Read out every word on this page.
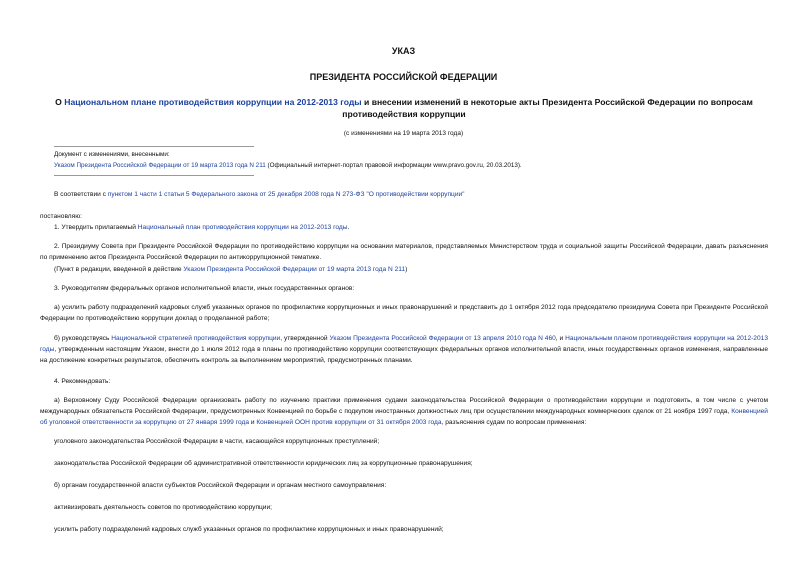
УКАЗ
ПРЕЗИДЕНТА РОССИЙСКОЙ ФЕДЕРАЦИИ
О Национальном плане противодействия коррупции на 2012-2013 годы и внесении изменений в некоторые акты Президента Российской Федерации по вопросам противодействия коррупции
(с изменениями на 19 марта 2013 года)
Документ с изменениями, внесенными:
Указом Президента Российской Федерации от 19 марта 2013 года N 211 (Официальный интернет-портал правовой информации www.pravo.gov.ru, 20.03.2013).
В соответствии с пунктом 1 части 1 статьи 5 Федерального закона от 25 декабря 2008 года N 273-ФЗ "О противодействии коррупции"
постановляю:
1. Утвердить прилагаемый Национальный план противодействия коррупции на 2012-2013 годы.
2. Президиуму Совета при Президенте Российской Федерации по противодействию коррупции на основании материалов, представляемых Министерством труда и социальной защиты Российской Федерации, давать разъяснения по применению актов Президента Российской Федерации по антикоррупционной тематике.
(Пункт в редакции, введенной в действие Указом Президента Российской Федерации от 19 марта 2013 года N 211)
3. Руководителям федеральных органов исполнительной власти, иных государственных органов:
а) усилить работу подразделений кадровых служб указанных органов по профилактике коррупционных и иных правонарушений и представить до 1 октября 2012 года председателю президиума Совета при Президенте Российской Федерации по противодействию коррупции доклад о проделанной работе;
б) руководствуясь Национальной стратегией противодействия коррупции, утвержденной Указом Президента Российской Федерации от 13 апреля 2010 года N 460, и Национальным планом противодействия коррупции на 2012-2013 годы, утвержденным настоящим Указом, внести до 1 июля 2012 года в планы по противодействию коррупции соответствующих федеральных органов исполнительной власти, иных государственных органов изменения, направленные на достижение конкретных результатов, обеспечить контроль за выполнением мероприятий, предусмотренных планами.
4. Рекомендовать:
а) Верховному Суду Российской Федерации организовать работу по изучению практики применения судами законодательства Российской Федерации о противодействии коррупции и подготовить, в том числе с учетом международных обязательств Российской Федерации, предусмотренных Конвенцией по борьбе с подкупом иностранных должностных лиц при осуществлении международных коммерческих сделок от 21 ноября 1997 года, Конвенцией об уголовной ответственности за коррупцию от 27 января 1999 года и Конвенцией ООН против коррупции от 31 октября 2003 года, разъяснения судам по вопросам применения:
уголовного законодательства Российской Федерации в части, касающейся коррупционных преступлений;
законодательства Российской Федерации об административной ответственности юридических лиц за коррупционные правонарушения;
б) органам государственной власти субъектов Российской Федерации и органам местного самоуправления:
активизировать деятельность советов по противодействию коррупции;
усилить работу подразделений кадровых служб указанных органов по профилактике коррупционных и иных правонарушений;
